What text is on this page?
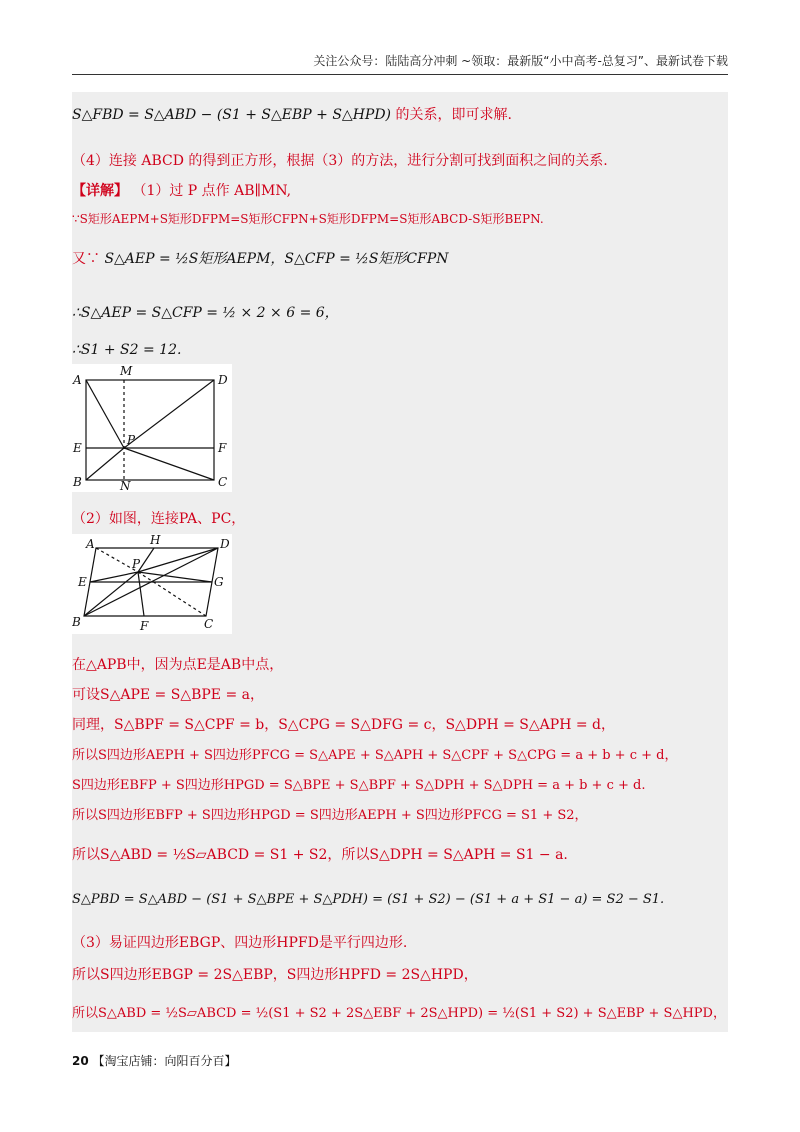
关注公众号：陆陆高分冲刺 ~领取：最新版“小中高考-总复习”、最新试卷下载
S△FBD = S△ABD − (S1 + S△EBP + S△HPD) 的关系，即可求解.
（4）连接 ABCD 的得到正方形，根据（3）的方法，进行分割可找到面积之间的关系.
【详解】 （1）过 P 点作 AB∥MN,
∵S矩形AEPM+S矩形DFPM=S矩形CFPN+S矩形DFPM=S矩形ABCD-S矩形BEPN.
又∵ S△AEP = ½S矩形AEPM，S△CFP = ½S矩形CFPN
∴S△AEP = S△CFP = ½ × 2 × 6 = 6，
∴S1 + S2 = 12.
A
M
D
P
E	F
B	N	C
（2）如图，连接PA、PC，
A	H	D
P
E	G
B	F	C
在△APB中，因为点E是AB中点，
可设S△APE = S△BPE = a，
同理，S△BPF = S△CPF = b，S△CPG = S△DFG = c，S△DPH = S△APH = d，
所以S四边形AEPH + S四边形PFCG = S△APE + S△APH + S△CPF + S△CPG = a + b + c + d，
S四边形EBFP + S四边形HPGD = S△BPE + S△BPF + S△DPH + S△DPH = a + b + c + d.
所以S四边形EBFP + S四边形HPGD = S四边形AEPH + S四边形PFCG = S1 + S2，
所以S△ABD = ½S▱ABCD = S1 + S2，所以S△DPH = S△APH = S1 − a.
S△PBD = S△ABD − (S1 + S△BPE + S△PDH) = (S1 + S2) − (S1 + a + S1 − a) = S2 − S1.
（3）易证四边形EBGP、四边形HPFD是平行四边形.
所以S四边形EBGP = 2S△EBP，S四边形HPFD = 2S△HPD，
所以S△ABD = ½S▱ABCD = ½(S1 + S2 + 2S△EBF + 2S△HPD) = ½(S1 + S2) + S△EBP + S△HPD，
20 【淘宝店铺：向阳百分百】
